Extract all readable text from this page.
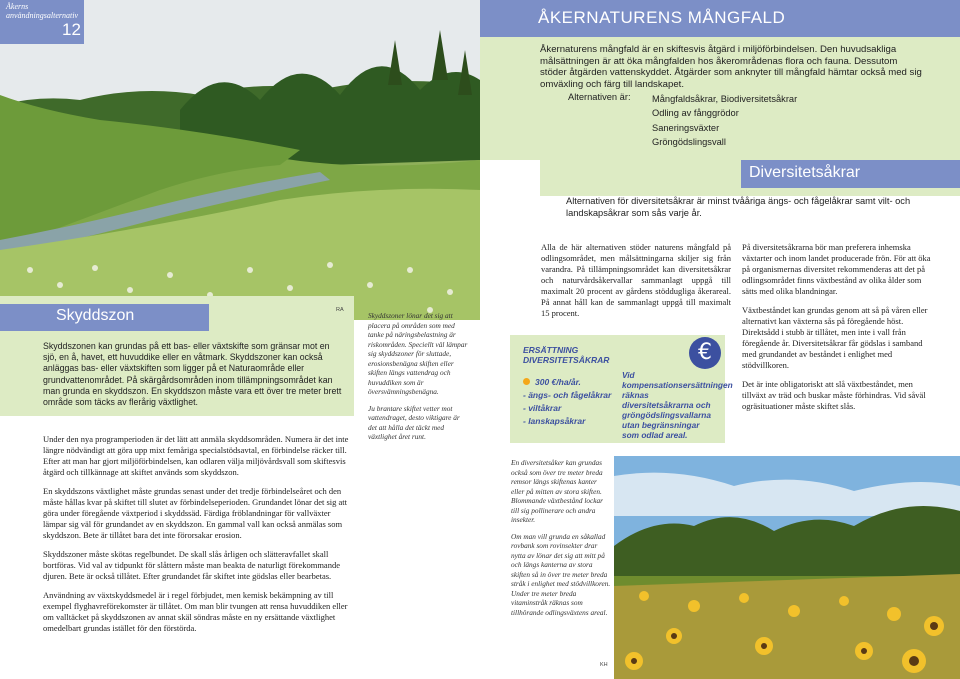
Åkerns användningsalternativ
12
ÅKERNATURENS MÅNGFALD
Åkernaturens mångfald är en skiftesvis åtgärd i miljöförbindelsen. Den huvudsakliga målsättningen är att öka mångfalden hos åkerområdenas flora och fauna. Dessutom stöder åtgärden vattenskyddet. Åtgärder som anknyter till mångfald hämtar också med sig omväxling och färg till landskapet.
Alternativen är: Mångfaldsåkrar, Biodiversitetsåkrar
Odling av fånggrödor
Saneringsväxter
Gröngödslingsvall
Diversitetsåkrar
Alternativen för diversitetsåkrar är minst tvååriga ängs- och fågelåkrar samt vilt- och landskapsåkrar som sås varje år.
Alla de här alternativen stöder naturens mångfald på odlingsområdet, men målsättningarna skiljer sig från varandra. På tillämpningsområdet kan diversitetsåkrar och naturvårdsåkervallar sammanlagt uppgå till maximalt 20 procent av gårdens stöddugliga åkerareal. På annat håll kan de sammanlagt uppgå till maximalt 15 procent.

På diversitetsåkrarna bör man preferera inhemska växtarter och inom landet producerade frön. För att öka på organismernas diversitet rekommenderas att det på odlingsområdet finns växtbestånd av olika ålder som sätts med olika blandningar.

Växtbeståndet kan grundas genom att så på våren eller alternativt kan växterna sås på föregående höst. Direktsådd i stubb är tillåtet, men inte i vall från föregående år. Diversitetsåkrar får gödslas i samband med grundandet av beståndet i enlighet med stödvillkoren.

Det är inte obligatoriskt att slå växtbeståndet, men tillväxt av träd och buskar måste förhindras. Vid såväl ogräsituationer måste skiftet slås.

ERSÄTTNING
DIVERSITETSÅKRAR
300 €/ha/år.
- ängs- och fågelåkrar
- viltåkrar
- lanskapsåkrar
€
Vid kompensationsersättningen räknas diversitetsåkrarna och gröngödslingsvallarna utan begränsningar som odlad areal.

En diversitetsåker kan grundas också som över tre meter breda remsor längs skiftenas kanter eller på mitten av stora skiften. Blommande växtbestånd lockar till sig pollinerare och andra insekter.

Om man vill grunda en såkallad rovbank som rovinsekter drar nytta av lönar det sig att mitt på och längs kanterna av stora skiften så in över tre meter breda stråk i enlighet med stödvillkoren. Under tre meter breda vitaminstråk räknas som tillhörande odlingsväxtens areal.

Skyddszon	RA
Skyddszonen kan grundas på ett bas- eller växtskifte som gränsar mot en sjö, en å, havet, ett huvuddike eller en våtmark. Skyddszoner kan också anläggas bas- eller växtskiften som ligger på et Naturaområde eller grundvattenområdet. På skärgårdsområden inom tillämpningsområdet kan man grunda en skyddszon. En skyddszon måste vara ett över tre meter brett område som täcks av flerårig växtlighet.

Under den nya programperioden är det lätt att anmäla skyddsområden. Numera är det inte längre nödvändigt att göra upp mixt femåriga specialstödsavtal, en förbindelse räcker till. Efter att man har gjort miljöförbindelsen, kan odlaren välja miljövårdsvall som skiftesvis åtgärd och tillkännage att skiftet används som skyddszon.

En skyddszons växtlighet måste grundas senast under det tredje förbindelseåret och den måste hållas kvar på skiftet till slutet av förbindelseperioden. Grundandet lönar det sig att göra under föregående växtperiod i skyddssäd. Färdiga fröblandningar för vallväxter lämpar sig väl för grundandet av en skyddszon. En gammal vall kan också anmälas som skyddszon. Bete är tillåtet bara det inte förorsakar erosion.

Skyddszoner måste skötas regelbundet. De skall slås årligen och slätteravfallet skall bortföras. Vid val av tidpunkt för slåttern måste man beakta de naturligt förekommande djuren. Bete är också tillåtet. Efter grundandet får skiftet inte gödslas eller bearbetas.

Användning av växtskyddsmedel är i regel förbjudet, men kemisk bekämpning av till exempel flyghavreförekomster är tillåtet. Om man blir tvungen att rensa huvuddiken eller om valltäcket på skyddszonen av annat skäl söndras måste en ny ersättande växtlighet omedelbart grundas istället för den förstörda.

Skyddszoner lönar det sig att placera på områden som med tanke på näringsbelastning är riskområden. Speciellt väl lämpar sig skyddszoner för sluttade, erosionsbenägna skiften eller skiften längs vattendrag och huvuddiken som är översvämningsbenägna.

Ju brantare skiftet vetter mot vattendraget, desto viktigare är det att hålla det täckt med växtlighet året runt.

KH
